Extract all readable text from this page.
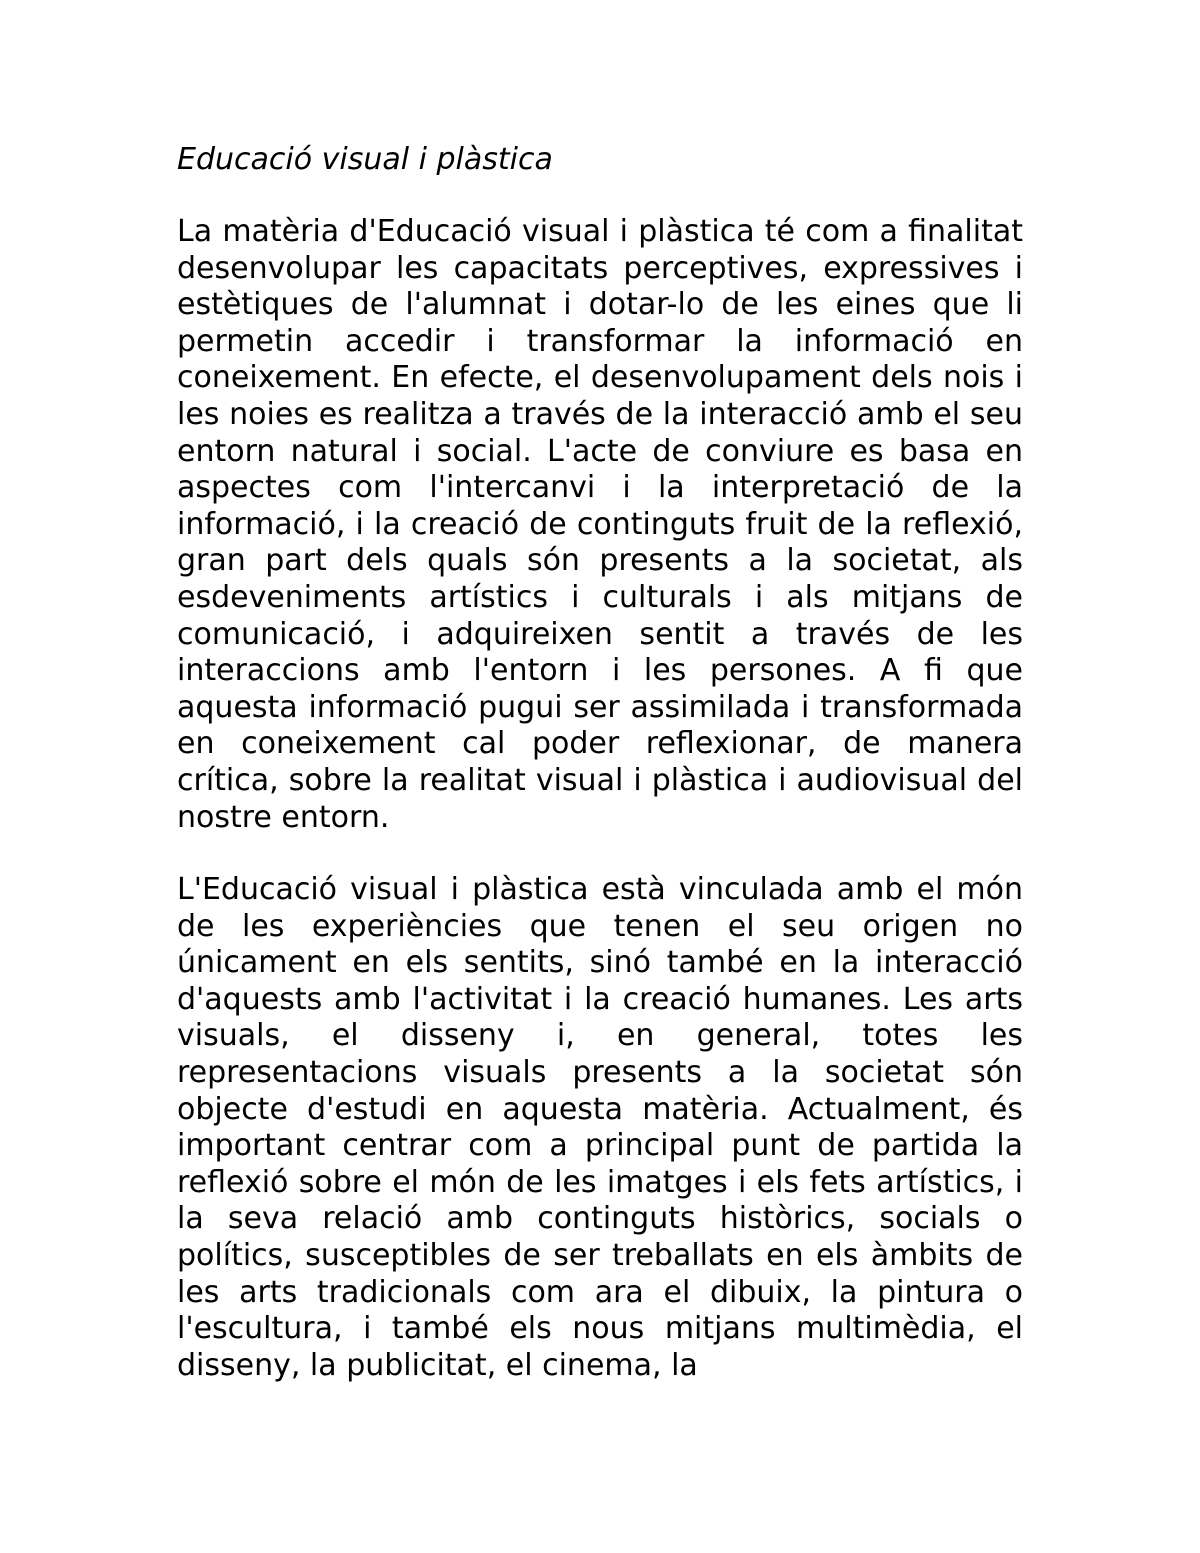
Educació visual i plàstica

La matèria d'Educació visual i plàstica té com a finalitat desenvolupar les capacitats perceptives, expressives i estètiques de l'alumnat i dotar-lo de les eines que li permetin accedir i transformar la informació en coneixement. En efecte, el desenvolupament dels nois i les noies es realitza a través de la interacció amb el seu entorn natural i social. L'acte de conviure es basa en aspectes com l'intercanvi i la interpretació de la informació, i la creació de continguts fruit de la reflexió, gran part dels quals són presents a la societat, als esdeveniments artístics i culturals i als mitjans de comunicació, i adquireixen sentit a través de les interaccions amb l'entorn i les persones. A fi que aquesta informació pugui ser assimilada i transformada en coneixement cal poder reflexionar, de manera crítica, sobre la realitat visual i plàstica i audiovisual del nostre entorn.

L'Educació visual i plàstica està vinculada amb el món de les experiències que tenen el seu origen no únicament en els sentits, sinó també en la interacció d'aquests amb l'activitat i la creació humanes. Les arts visuals, el disseny i, en general, totes les representacions visuals presents a la societat són objecte d'estudi en aquesta matèria. Actualment, és important centrar com a principal punt de partida la reflexió sobre el món de les imatges i els fets artístics, i la seva relació amb continguts històrics, socials o polítics, susceptibles de ser treballats en els àmbits de les arts tradicionals com ara el dibuix, la pintura o l'escultura, i també els nous mitjans multimèdia, el disseny, la publicitat, el cinema, la
